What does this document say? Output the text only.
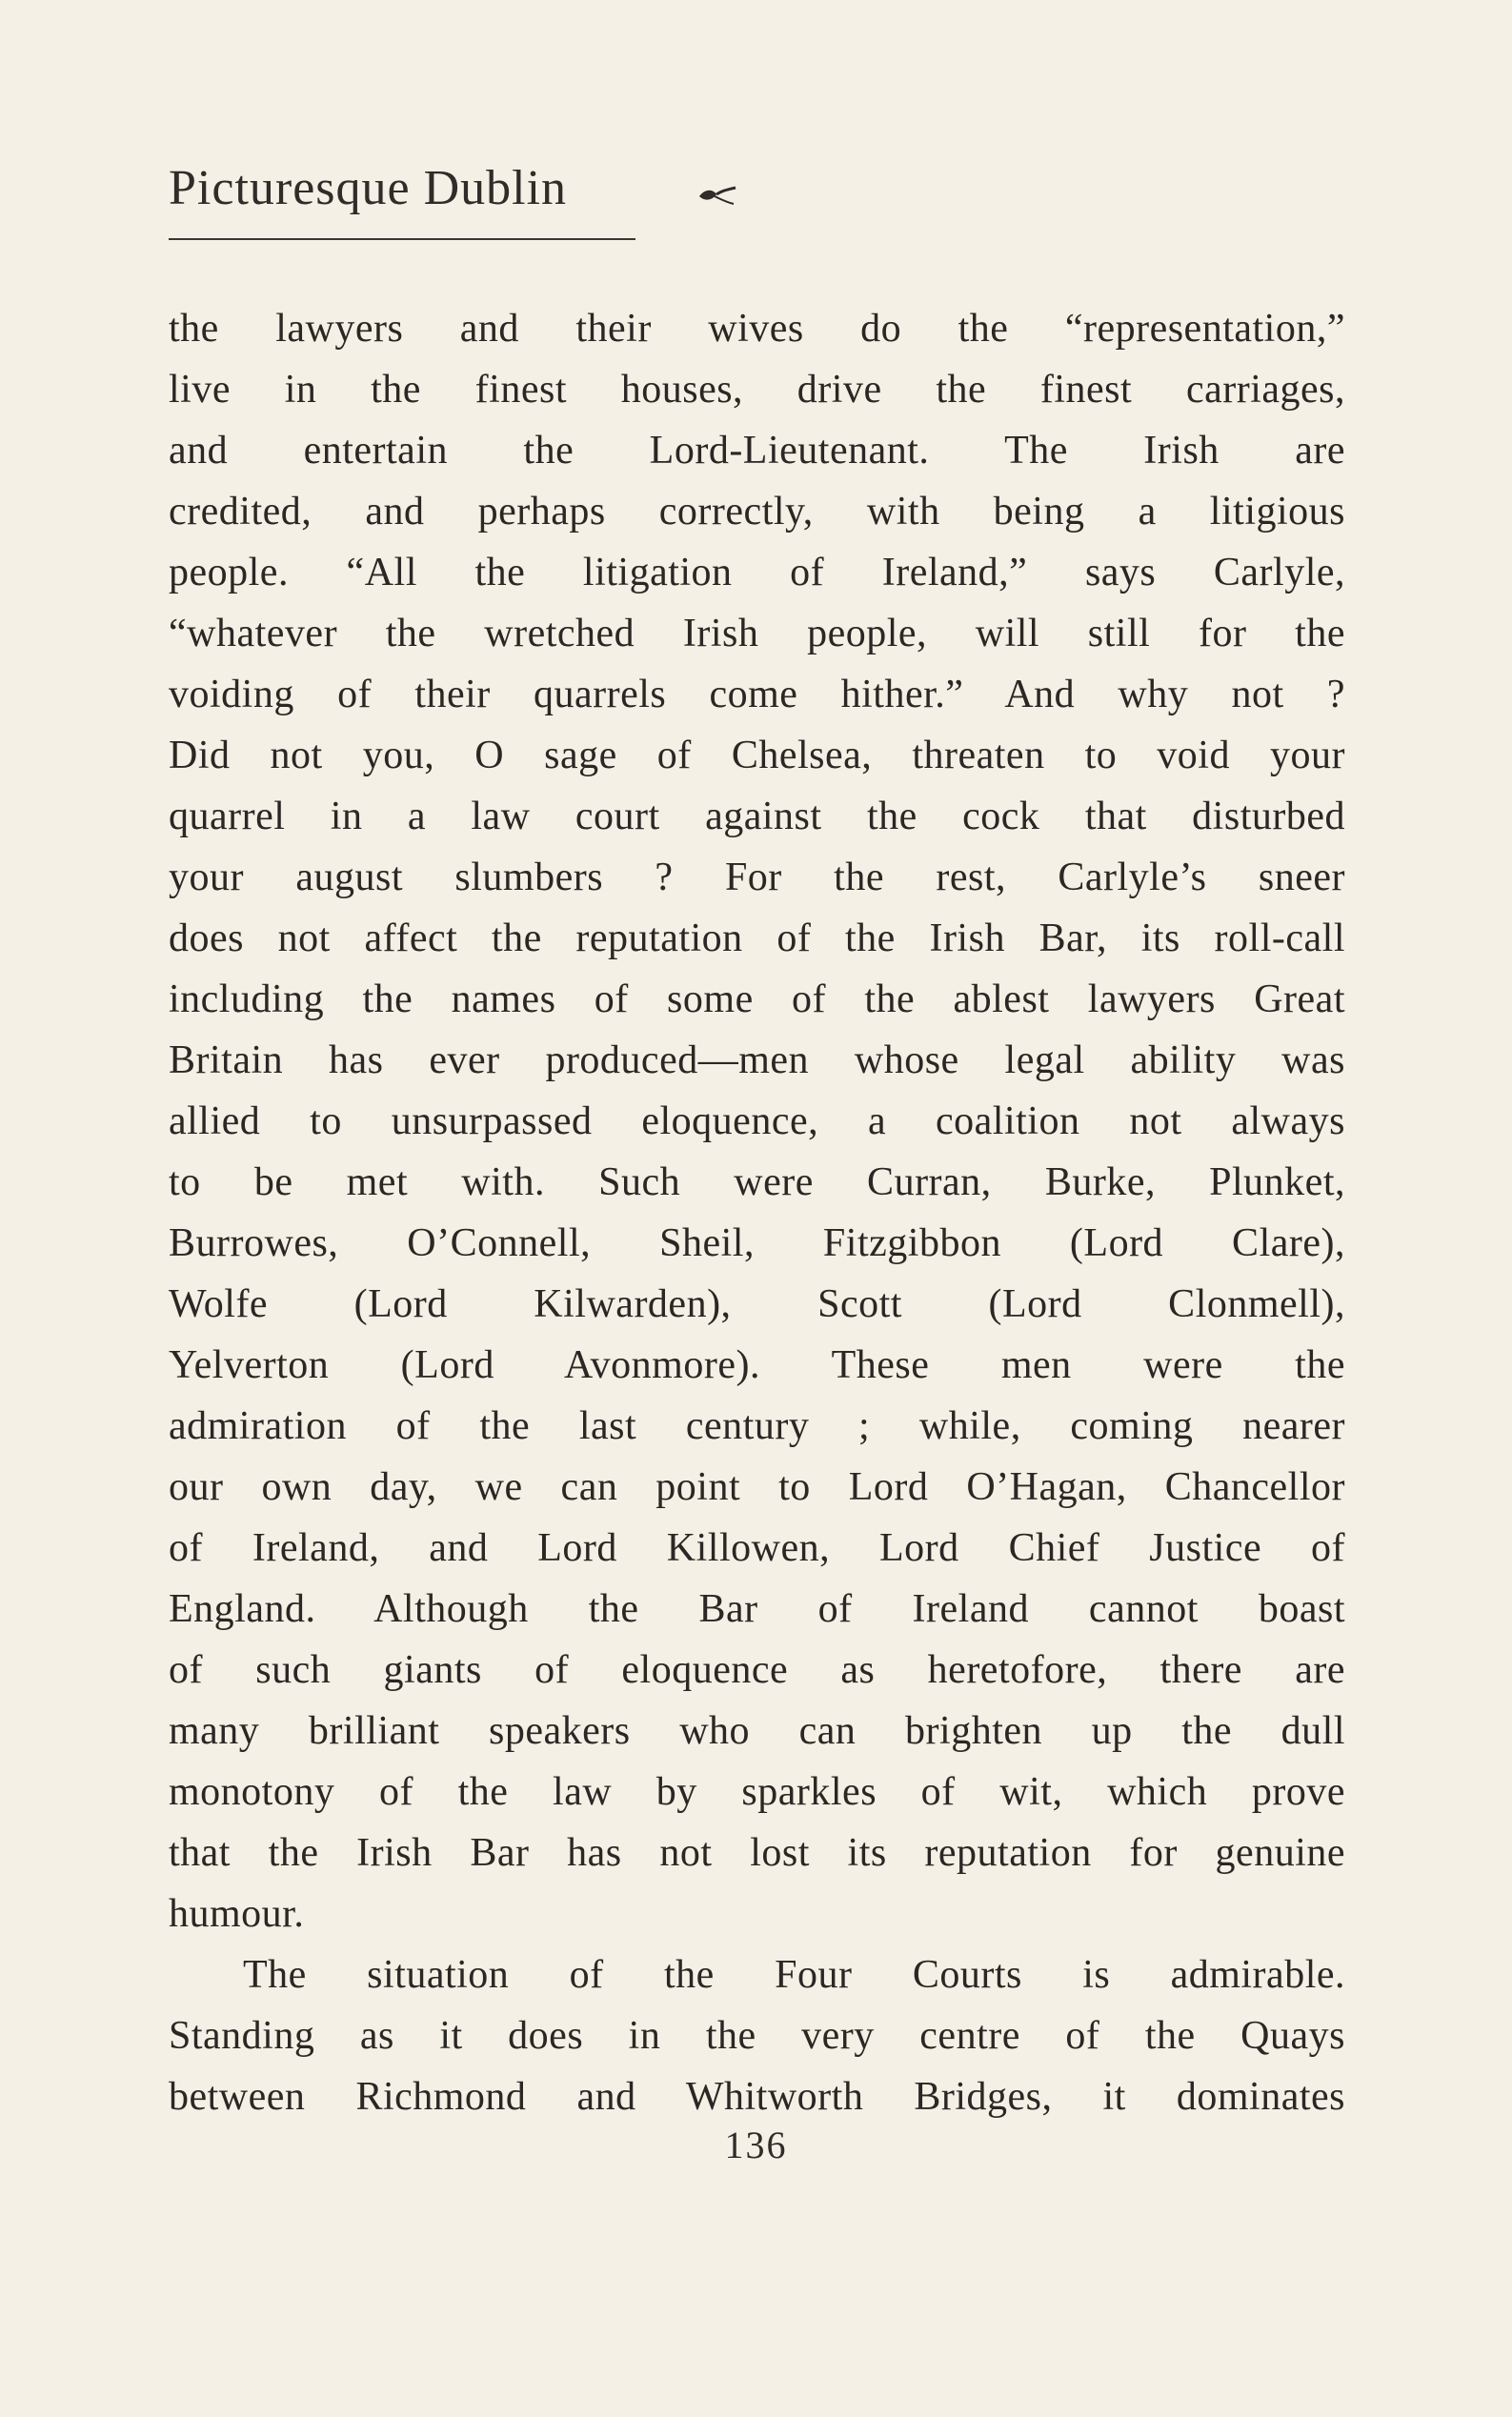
Picturesque Dublin
the lawyers and their wives do the “representation,”
live in the finest houses, drive the finest carriages,
and entertain the Lord-Lieutenant. The Irish are
credited, and perhaps correctly, with being a litigious
people. “All the litigation of Ireland,” says Carlyle,
“whatever the wretched Irish people, will still for the
voiding of their quarrels come hither.” And why not ?
Did not you, O sage of Chelsea, threaten to void your
quarrel in a law court against the cock that disturbed
your august slumbers ? For the rest, Carlyle’s sneer
does not affect the reputation of the Irish Bar, its roll-call
including the names of some of the ablest lawyers Great
Britain has ever produced—men whose legal ability was
allied to unsurpassed eloquence, a coalition not always
to be met with. Such were Curran, Burke, Plunket,
Burrowes, O’Connell, Sheil, Fitzgibbon (Lord Clare),
Wolfe (Lord Kilwarden), Scott (Lord Clonmell),
Yelverton (Lord Avonmore). These men were the
admiration of the last century ; while, coming nearer
our own day, we can point to Lord O’Hagan, Chancellor
of Ireland, and Lord Killowen, Lord Chief Justice of
England. Although the Bar of Ireland cannot boast
of such giants of eloquence as heretofore, there are
many brilliant speakers who can brighten up the dull
monotony of the law by sparkles of wit, which prove
that the Irish Bar has not lost its reputation for genuine
humour.
The situation of the Four Courts is admirable.
Standing as it does in the very centre of the Quays
between Richmond and Whitworth Bridges, it dominates
136
